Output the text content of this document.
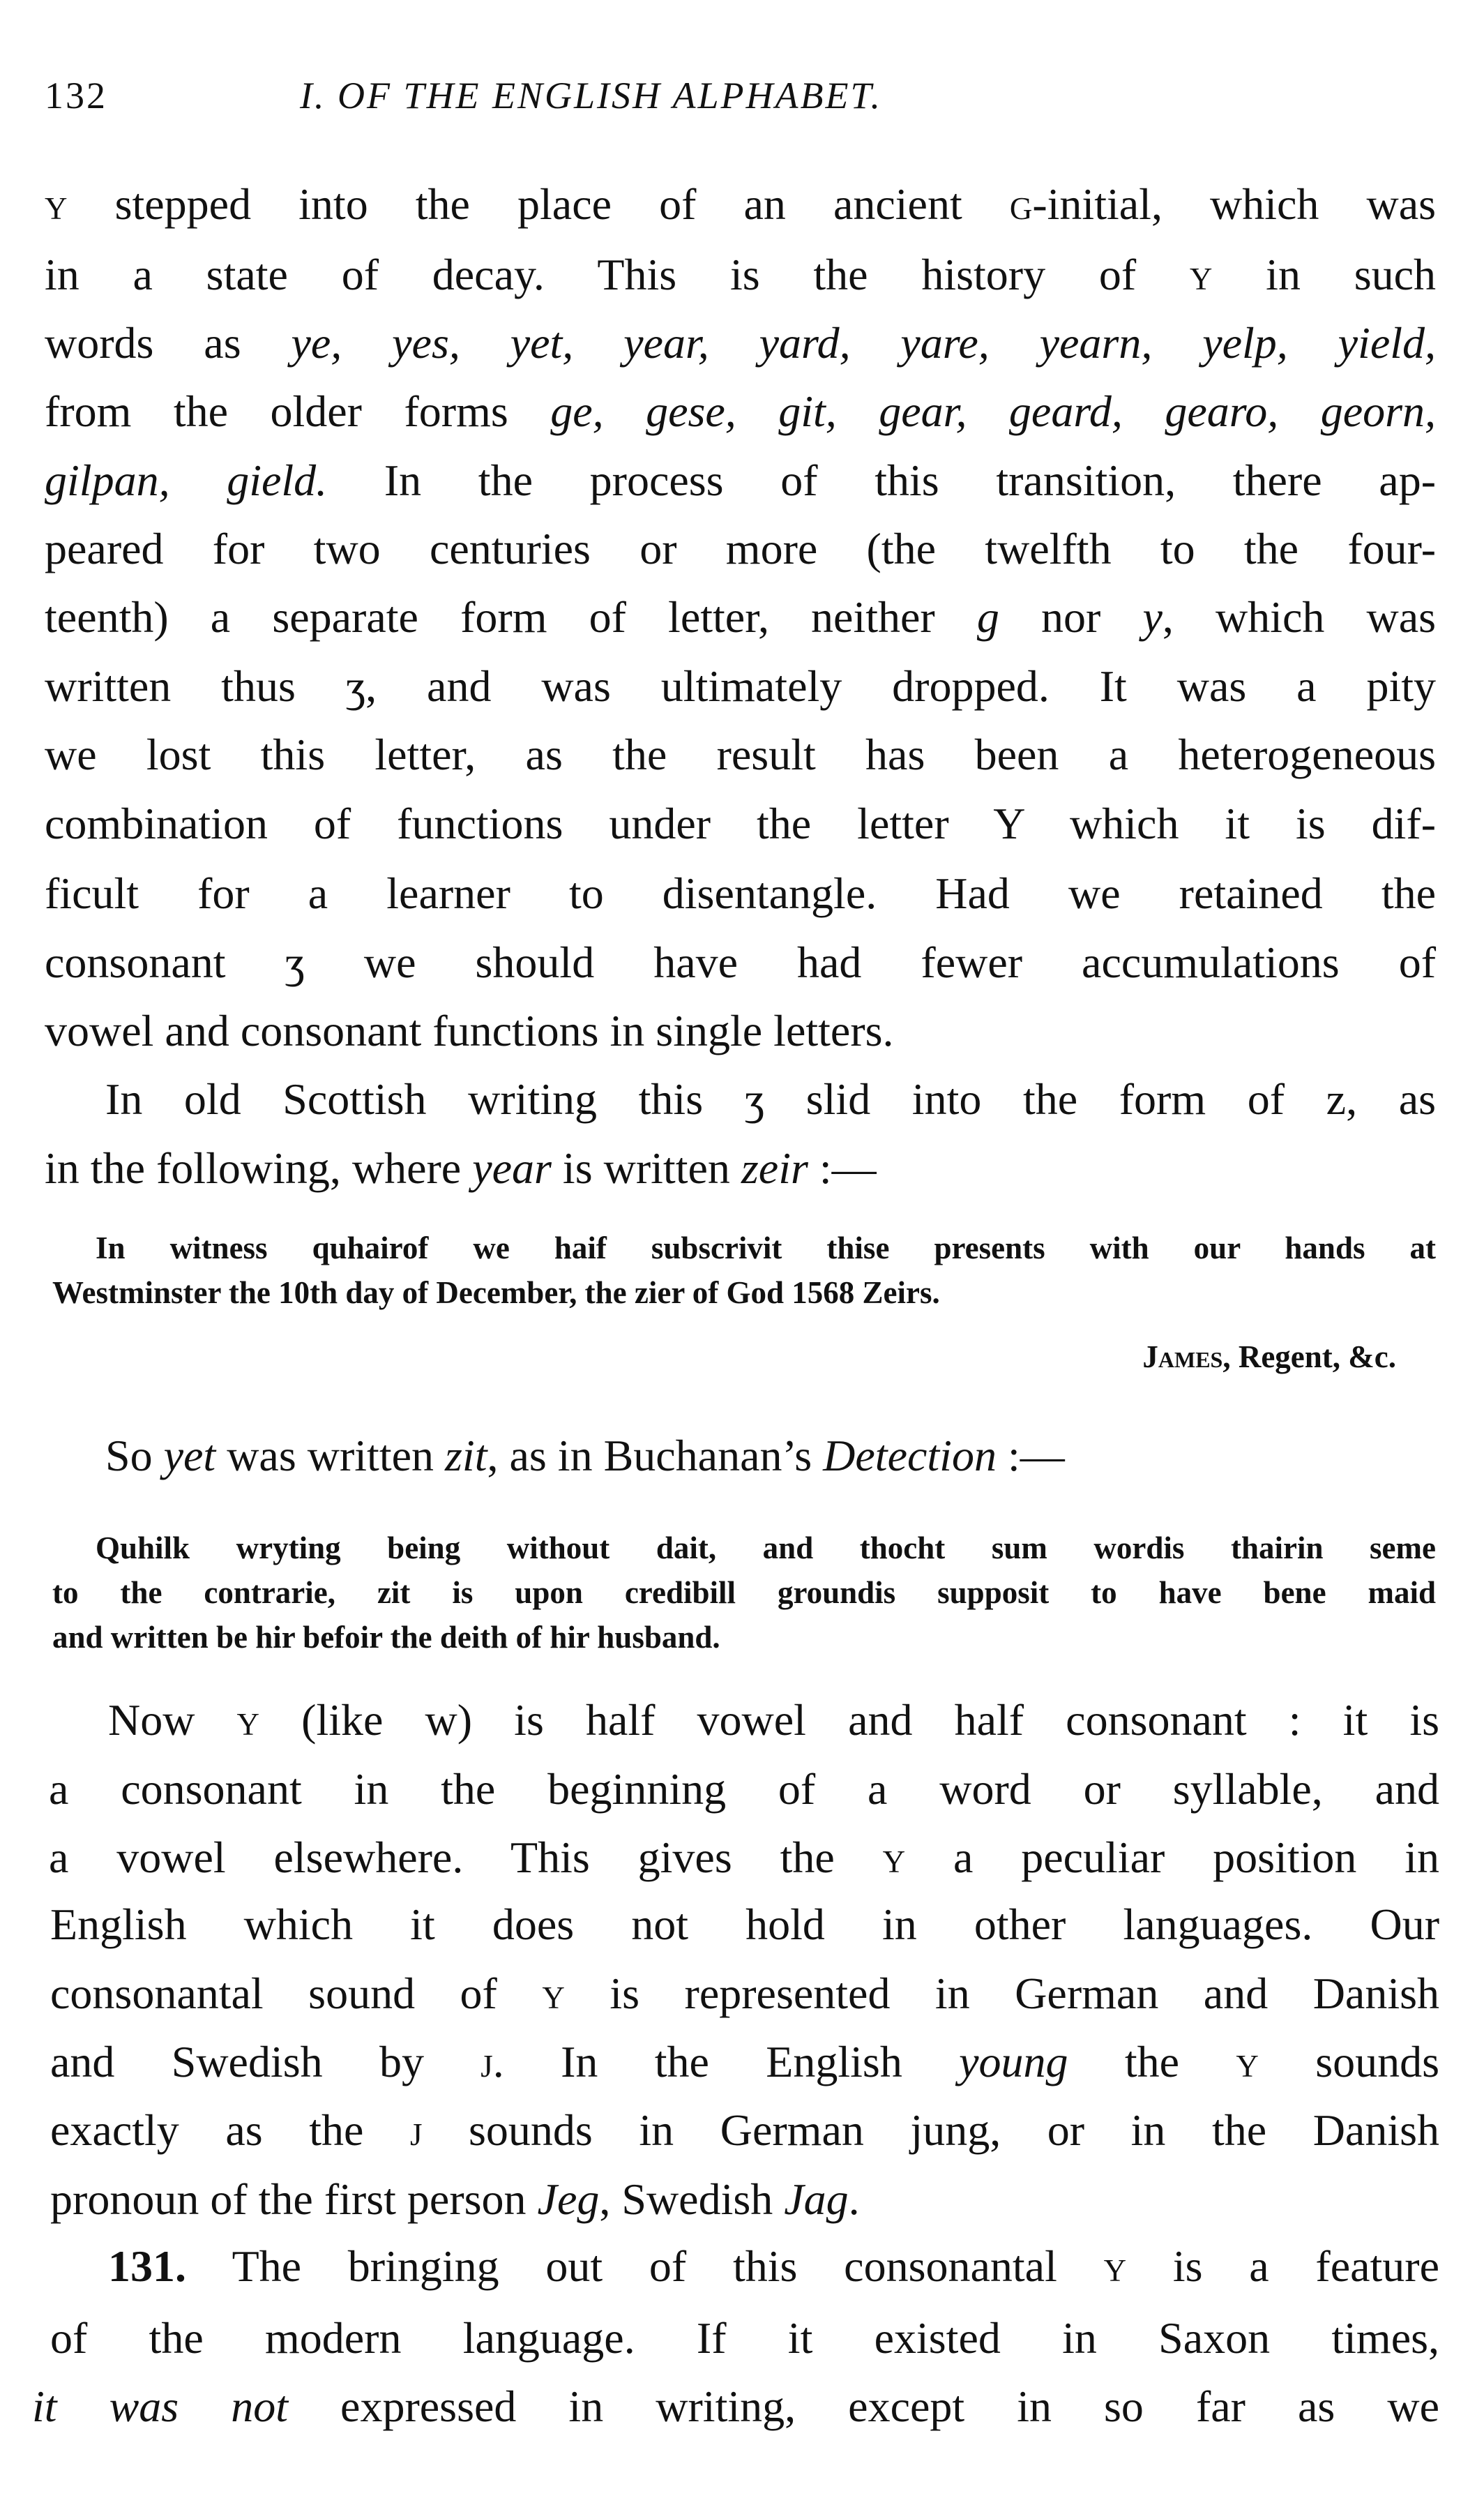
132	I. OF THE ENGLISH ALPHABET.
y stepped into the place of an ancient g-initial, which was
in a state of decay. This is the history of y in such
words as ye, yes, yet, year, yard, yare, yearn, yelp, yield,
from the older forms ge, gese, git, gear, geard, gearo, georn,
gilpan, gield. In the process of this transition, there ap-
peared for two centuries or more (the twelfth to the four-
teenth) a separate form of letter, neither g nor y, which was
written thus ʒ, and was ultimately dropped. It was a pity
we lost this letter, as the result has been a heterogeneous
combination of functions under the letter Y which it is dif-
ficult for a learner to disentangle. Had we retained the
consonant ʒ we should have had fewer accumulations of
vowel and consonant functions in single letters.
In old Scottish writing this ʒ slid into the form of z, as
in the following, where year is written zeir :—
In witness quhairof we haif subscrivit thise presents with our hands at
Westminster the 10th day of December, the zier of God 1568 Zeirs.
James, Regent, &c.
So yet was written zit, as in Buchanan’s Detection :—
Quhilk wryting being without dait, and thocht sum wordis thairin seme
to the contrarie, zit is upon credibill groundis supposit to have bene maid
and written be hir befoir the deith of hir husband.
Now y (like w) is half vowel and half consonant : it is
a consonant in the beginning of a word or syllable, and
a vowel elsewhere. This gives the y a peculiar position in
English which it does not hold in other languages. Our
consonantal sound of y is represented in German and Danish
and Swedish by j. In the English young the y sounds
exactly as the j sounds in German jung, or in the Danish
pronoun of the first person Jeg, Swedish Jag.
131. The bringing out of this consonantal y is a feature
of the modern language. If it existed in Saxon times,
it was not expressed in writing, except in so far as we
